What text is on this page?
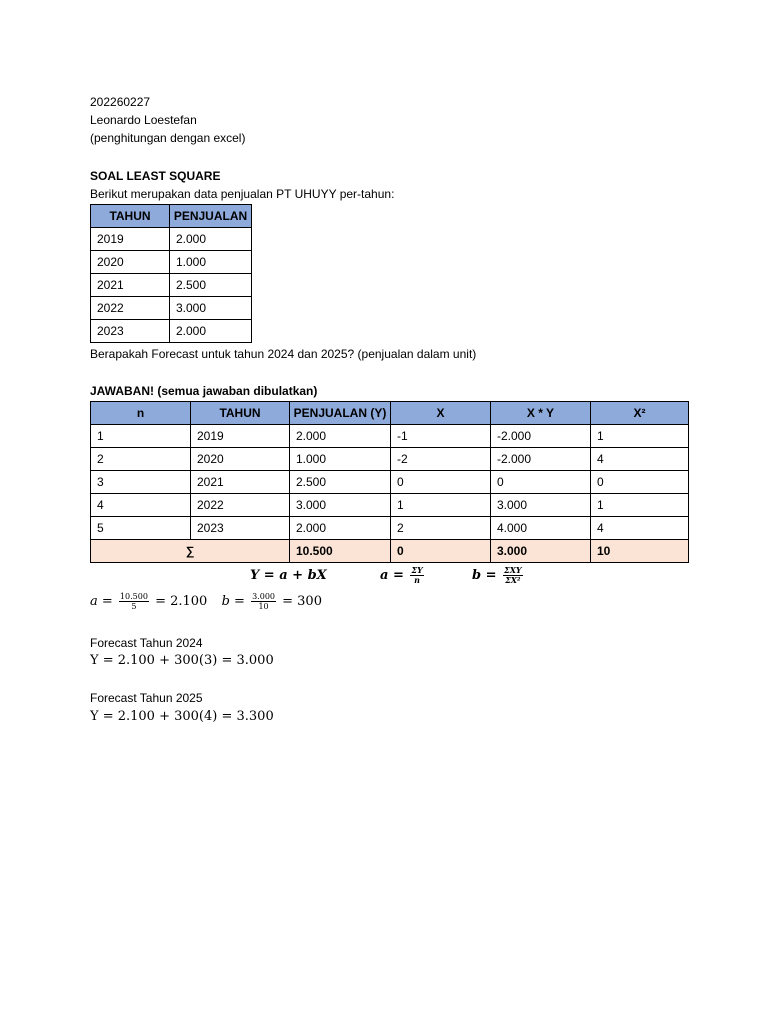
202260227
Leonardo Loestefan
(penghitungan dengan excel)
SOAL LEAST SQUARE
Berikut merupakan data penjualan PT UHUYY per-tahun:
TAHUN	PENJUALAN
2019	2.000
2020	1.000
2021	2.500
2022	3.000
2023	2.000
Berapakah Forecast untuk tahun 2024 dan 2025? (penjualan dalam unit)
JAWABAN! (semua jawaban dibulatkan)
n	TAHUN	PENJUALAN (Y)	X	X * Y	X²
1	2019	2.000	-1	-2.000	1
2	2020	1.000	-2	-2.000	4
3	2021	2.500	0	0	0
4	2022	3.000	1	3.000	1
5	2023	2.000	2	4.000	4
∑		10.500	0	3.000	10
Y = a + bX	$a = \frac{\Sigma Y}{n}$	$b = \frac{\text{ΣXY}}{\text{ΣX²}}$
$a = \frac{10.500}{5} = 2.100$ $b = \frac{3.000}{10} = 300$
Forecast Tahun 2024
Y = 2.100 + 300(3) = 3.000
Forecast Tahun 2025
Y = 2.100 + 300(4) = 3.300
